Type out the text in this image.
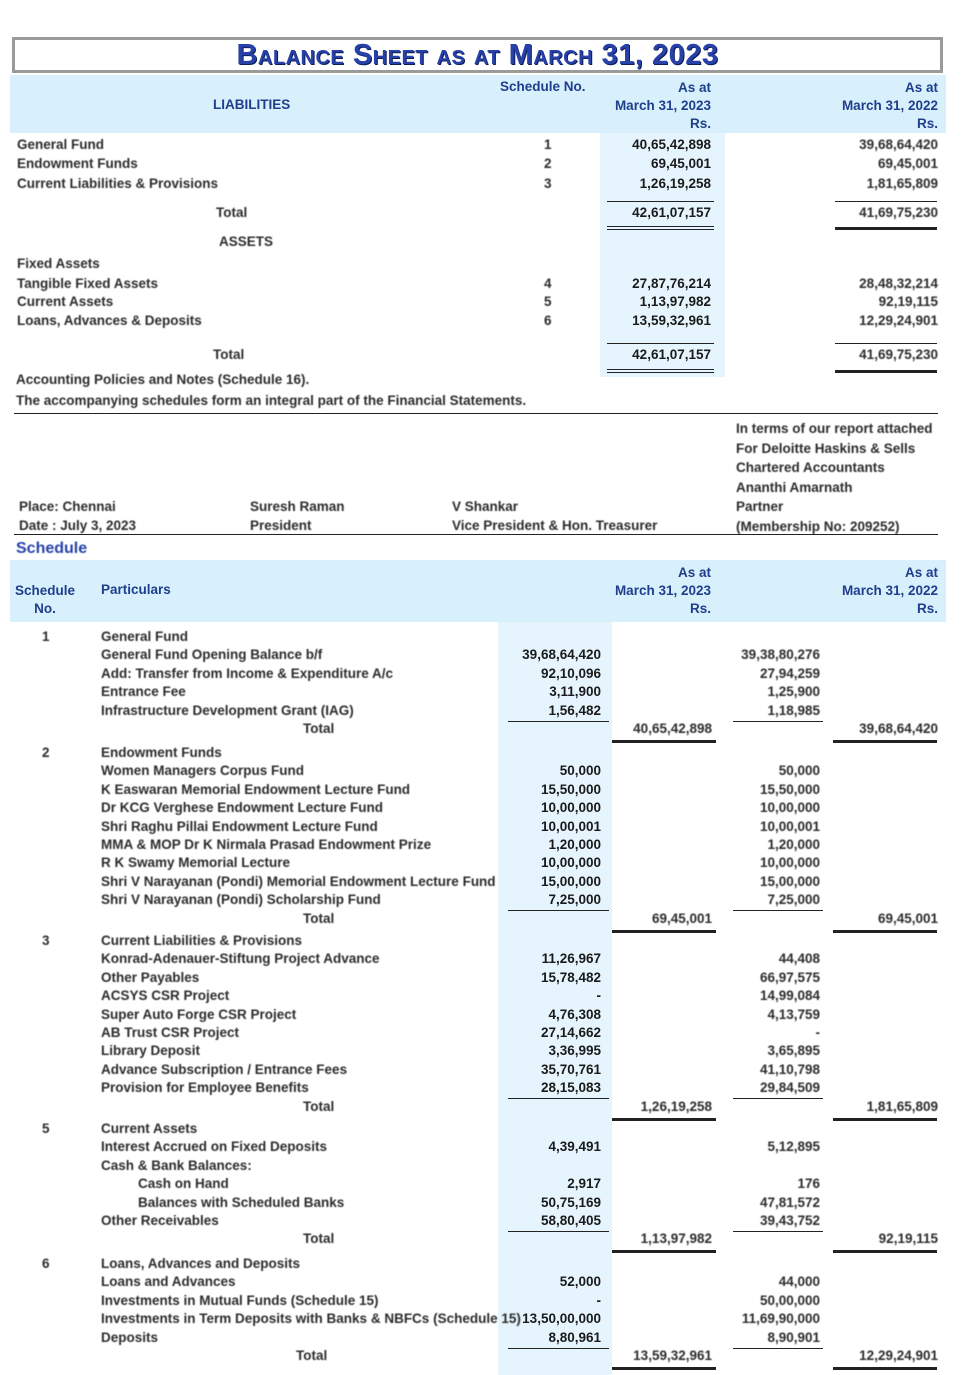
Balance Sheet as at March 31, 2023
LIABILITIES
Schedule No.	As at
March 31, 2023
Rs.
As at
March 31, 2022
Rs.
General Fund	1	40,65,42,898	39,68,64,420
Endowment Funds	2	69,45,001	69,45,001
Current Liabilities & Provisions	3	1,26,19,258	1,81,65,809
Total	42,61,07,157	41,69,75,230
Tangible Fixed Assets	4	27,87,76,214	28,48,32,214
Current Assets	5	1,13,97,982	92,19,115
Loans, Advances & Deposits	6	13,59,32,961	12,29,24,901
Total	42,61,07,157	41,69,75,230
ASSETS
Fixed Assets
Accounting Policies and Notes (Schedule 16).
The accompanying schedules form an integral part of the Financial Statements.
In terms of our report attached
For Deloitte Haskins & Sells
Chartered Accountants
Ananthi Amarnath
Partner
(Membership No: 209252)
Place: Chennai
Date : July 3, 2023
Suresh Raman
President
V Shankar
Vice President & Hon. Treasurer
Schedule
Schedule
No.
Particulars
As at
March 31, 2023
Rs.
As at
March 31, 2022
Rs.
1	General Fund
General Fund Opening Balance b/f	39,68,64,420	39,38,80,276
Add: Transfer from Income & Expenditure A/c	92,10,096	27,94,259
Entrance Fee	3,11,900	1,25,900
Infrastructure Development Grant (IAG)	1,56,482	1,18,985
Total	40,65,42,898	39,68,64,420
2	Endowment Funds
Women Managers Corpus Fund	50,000	50,000
K Easwaran Memorial Endowment Lecture Fund	15,50,000	15,50,000
Dr KCG Verghese Endowment Lecture Fund	10,00,000	10,00,000
Shri Raghu Pillai Endowment Lecture Fund	10,00,001	10,00,001
MMA & MOP Dr K Nirmala Prasad Endowment Prize	1,20,000	1,20,000
R K Swamy Memorial Lecture	10,00,000	10,00,000
Shri V Narayanan (Pondi) Memorial Endowment Lecture Fund	15,00,000	15,00,000
Shri V Narayanan (Pondi) Scholarship Fund	7,25,000	7,25,000
Total	69,45,001	69,45,001
3	Current Liabilities & Provisions
Konrad-Adenauer-Stiftung Project Advance	11,26,967	44,408
Other Payables	15,78,482	66,97,575
ACSYS CSR Project	-	14,99,084
Super Auto Forge CSR Project	4,76,308	4,13,759
AB Trust CSR Project	27,14,662	-
Library Deposit	3,36,995	3,65,895
Advance Subscription / Entrance Fees	35,70,761	41,10,798
Provision for Employee Benefits	28,15,083	29,84,509
Total	1,26,19,258	1,81,65,809
5	Current Assets
Interest Accrued on Fixed Deposits	4,39,491	5,12,895
Cash & Bank Balances:
Cash on Hand	2,917	176
Balances with Scheduled Banks	50,75,169	47,81,572
Other Receivables	58,80,405	39,43,752
Total	1,13,97,982	92,19,115
6	Loans, Advances and Deposits
Loans and Advances	52,000	44,000
Investments in Mutual Funds (Schedule 15)	-	50,00,000
Investments in Term Deposits with Banks & NBFCs (Schedule 15) 13,50,00,000	11,69,90,000
Deposits	8,80,961	8,90,901
Total	13,59,32,961	12,29,24,901
